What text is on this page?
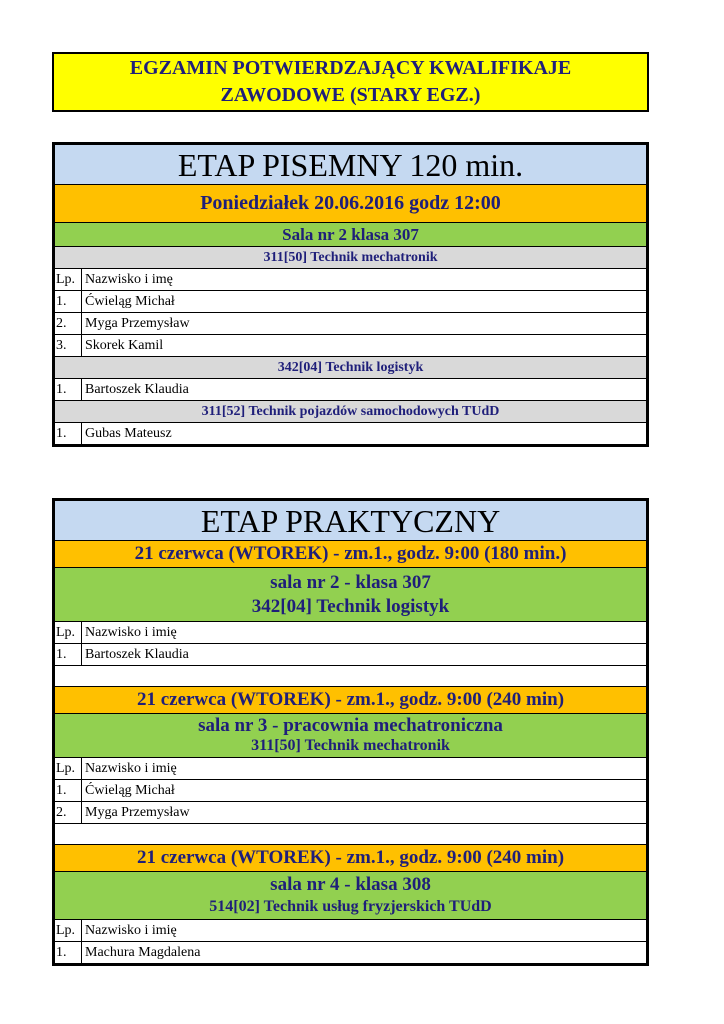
EGZAMIN POTWIERDZAJĄCY KWALIFIKAJE
ZAWODOWE (STARY EGZ.)
ETAP PISEMNY 120 min.	
Poniedziałek 20.06.2016 godz 12:00	
Sala nr 2 klasa 307	
311[50] Technik mechatronik	
Lp.	Nazwisko i imę
1.	Ćwieląg Michał
2.	Myga Przemysław
3.	Skorek Kamil
342[04] Technik logistyk	
1.	Bartoszek Klaudia
311[52] Technik pojazdów samochodowych TUdD	
1.	Gubas Mateusz
ETAP PRAKTYCZNY	
21 czerwca (WTOREK) - zm.1., godz. 9:00 (180 min.)	

sala nr 2 - klasa 307
342[04] Technik logistyk	

Lp.	Nazwisko i imię
1.	Bartoszek Klaudia

21 czerwca (WTOREK) - zm.1., godz. 9:00 (240 min)	

sala nr 3 - pracownia mechatroniczna
311[50] Technik mechatronik	

Lp.	Nazwisko i imię
1.	Ćwieląg Michał
2.	Myga Przemysław

21 czerwca (WTOREK) - zm.1., godz. 9:00 (240 min)	

sala nr 4 - klasa 308
514[02] Technik usług fryzjerskich TUdD	

Lp.	Nazwisko i imię
1.	Machura Magdalena
